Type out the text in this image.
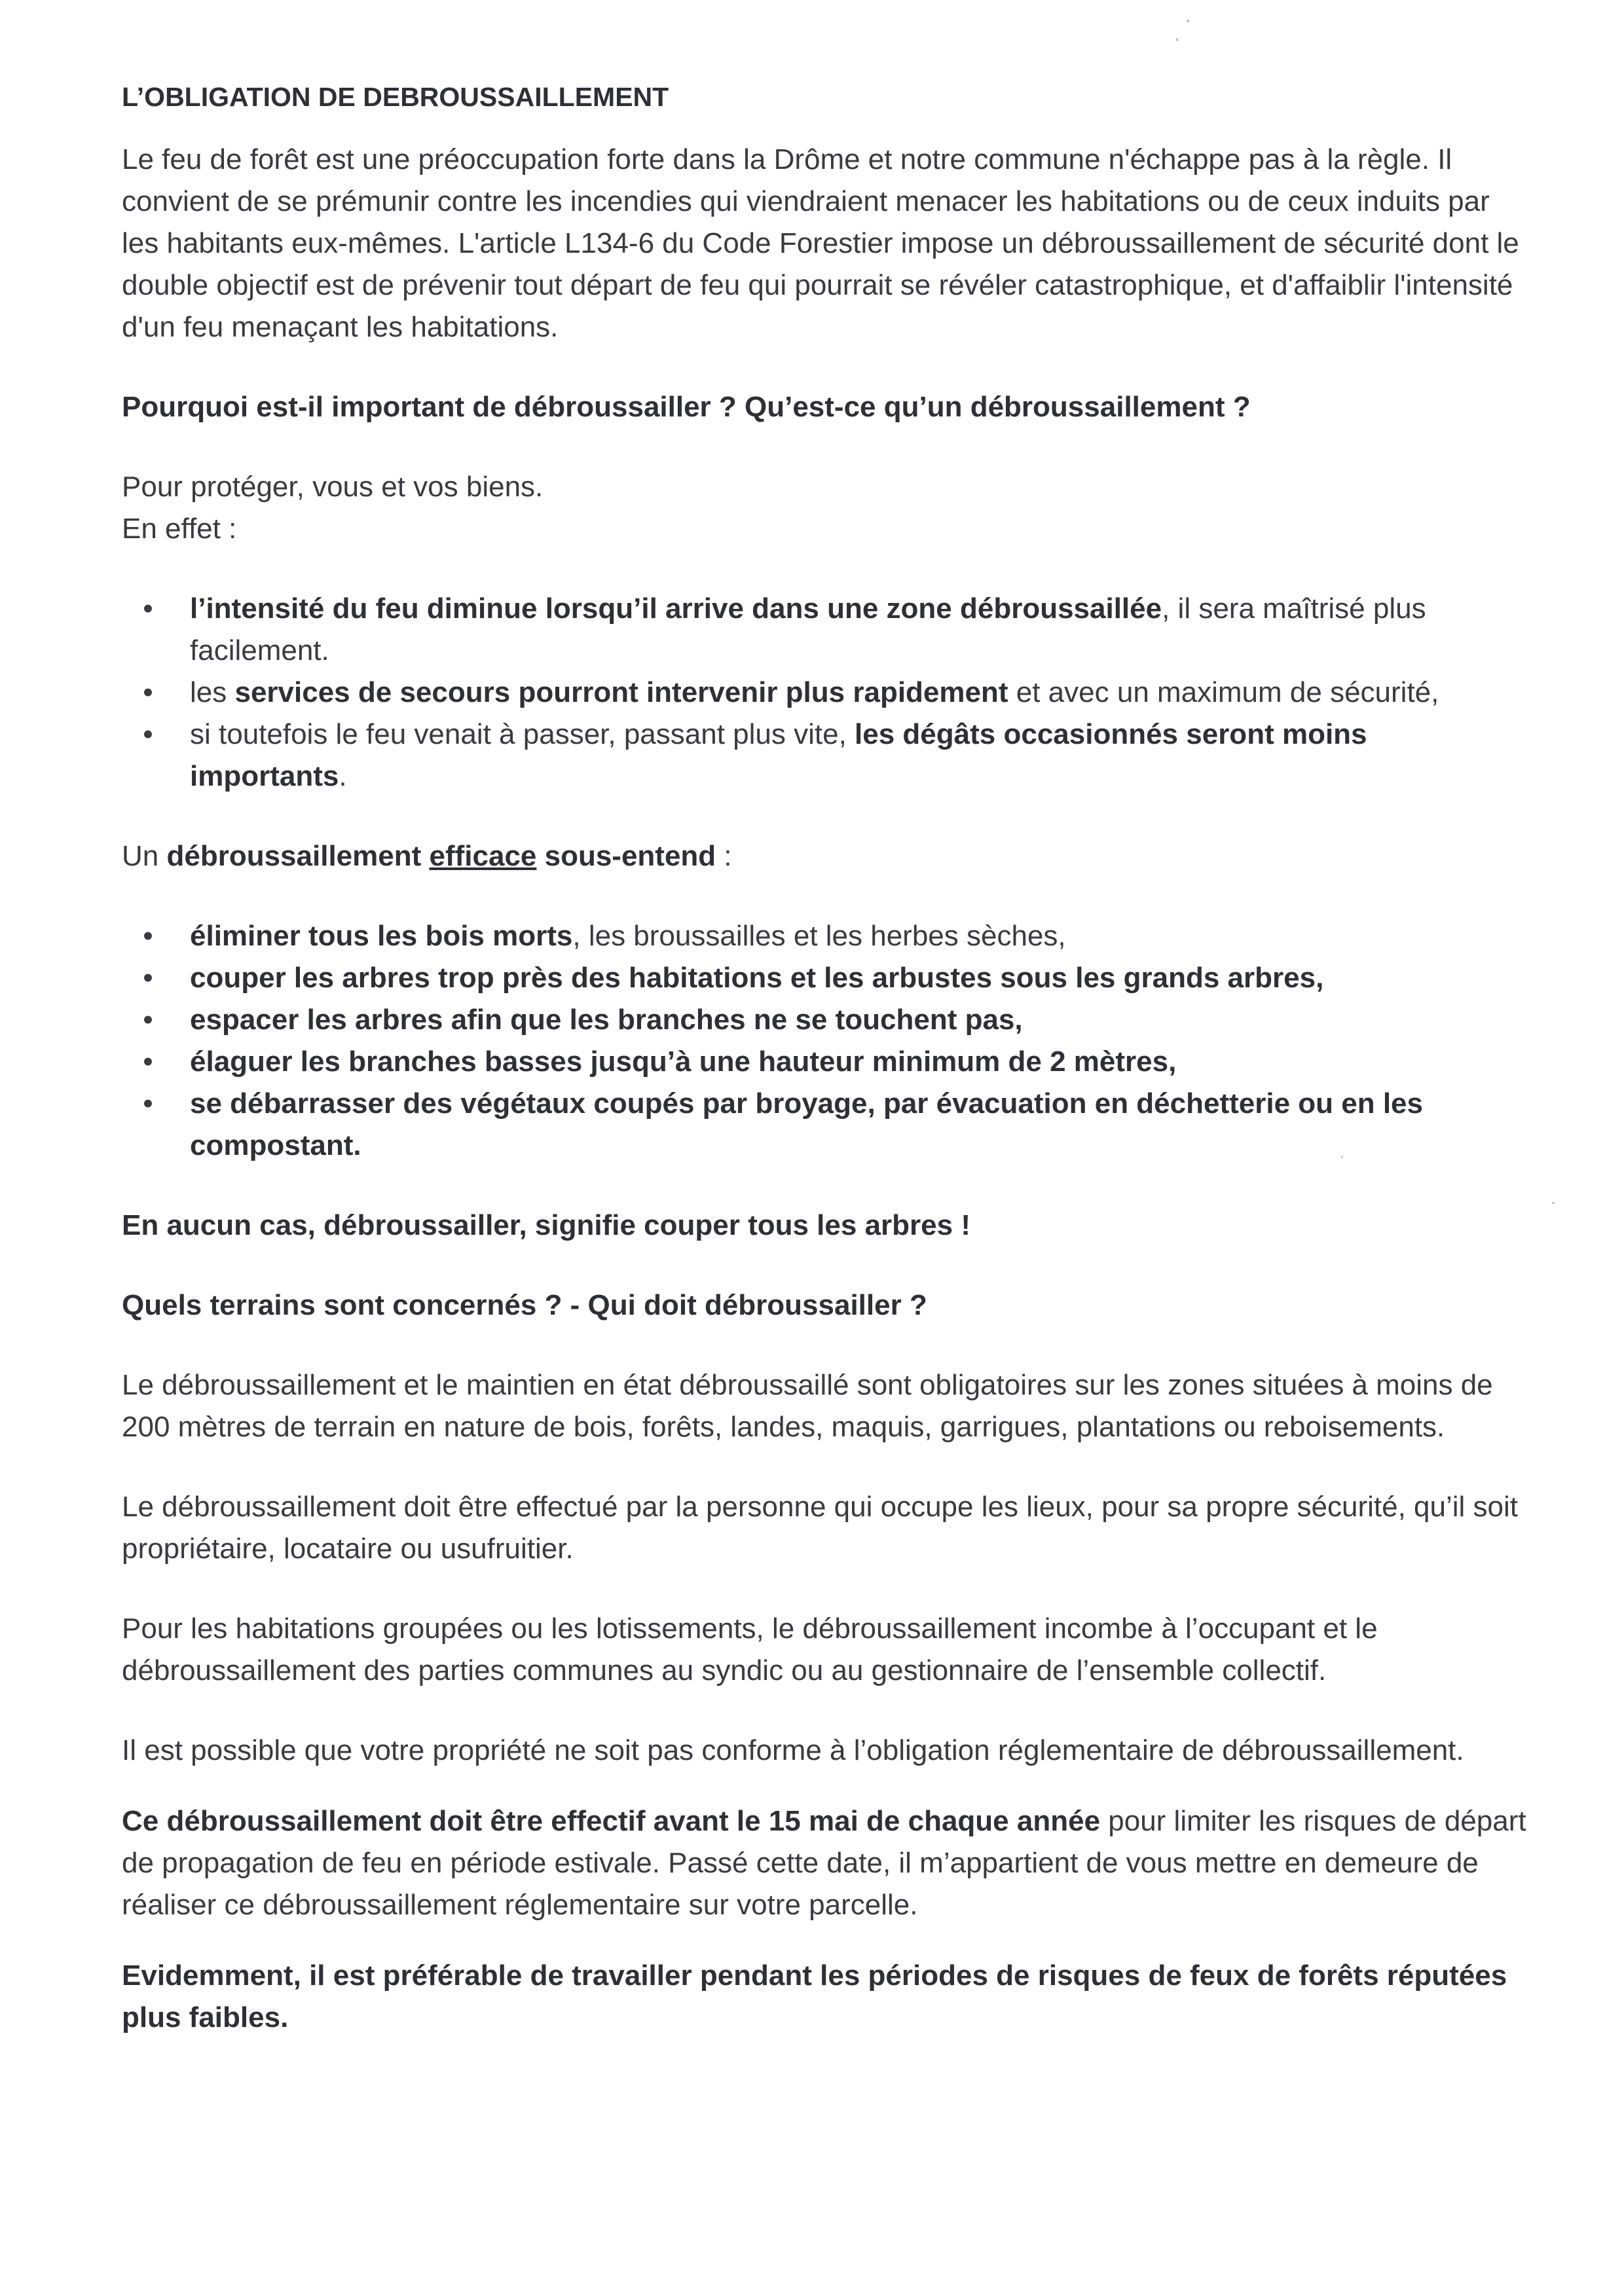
L’OBLIGATION DE DEBROUSSAILLEMENT

Le feu de forêt est une préoccupation forte dans la Drôme et notre commune n'échappe pas à la règle. Il convient de se prémunir contre les incendies qui viendraient menacer les habitations ou de ceux induits par les habitants eux-mêmes. L'article L134-6 du Code Forestier impose un débroussaillement de sécurité dont le double objectif est de prévenir tout départ de feu qui pourrait se révéler catastrophique, et d'affaiblir l'intensité d'un feu menaçant les habitations.

Pourquoi est-il important de débroussailler ? Qu’est-ce qu’un débroussaillement ?

Pour protéger, vous et vos biens.

En effet :

• l’intensité du feu diminue lorsqu’il arrive dans une zone débroussaillée, il sera maîtrisé plus facilement.
• les services de secours pourront intervenir plus rapidement et avec un maximum de sécurité,
• si toutefois le feu venait à passer, passant plus vite, les dégâts occasionnés seront moins importants.

Un débroussaillement efficace sous-entend :

• éliminer tous les bois morts, les broussailles et les herbes sèches,
• couper les arbres trop près des habitations et les arbustes sous les grands arbres,
• espacer les arbres afin que les branches ne se touchent pas,
• élaguer les branches basses jusqu’à une hauteur minimum de 2 mètres,
• se débarrasser des végétaux coupés par broyage, par évacuation en déchetterie ou en les compostant.

En aucun cas, débroussailler, signifie couper tous les arbres !

Quels terrains sont concernés ? - Qui doit débroussailler ?

Le débroussaillement et le maintien en état débroussaillé sont obligatoires sur les zones situées à moins de 200 mètres de terrain en nature de bois, forêts, landes, maquis, garrigues, plantations ou reboisements.

Le débroussaillement doit être effectué par la personne qui occupe les lieux, pour sa propre sécurité, qu’il soit propriétaire, locataire ou usufruitier.

Pour les habitations groupées ou les lotissements, le débroussaillement incombe à l’occupant et le débroussaillement des parties communes au syndic ou au gestionnaire de l’ensemble collectif.

Il est possible que votre propriété ne soit pas conforme à l’obligation réglementaire de débroussaillement.

Ce débroussaillement doit être effectif avant le 15 mai de chaque année pour limiter les risques de départ de propagation de feu en période estivale. Passé cette date, il m’appartient de vous mettre en demeure de réaliser ce débroussaillement réglementaire sur votre parcelle.

Evidemment, il est préférable de travailler pendant les périodes de risques de feux de forêts réputées plus faibles.
